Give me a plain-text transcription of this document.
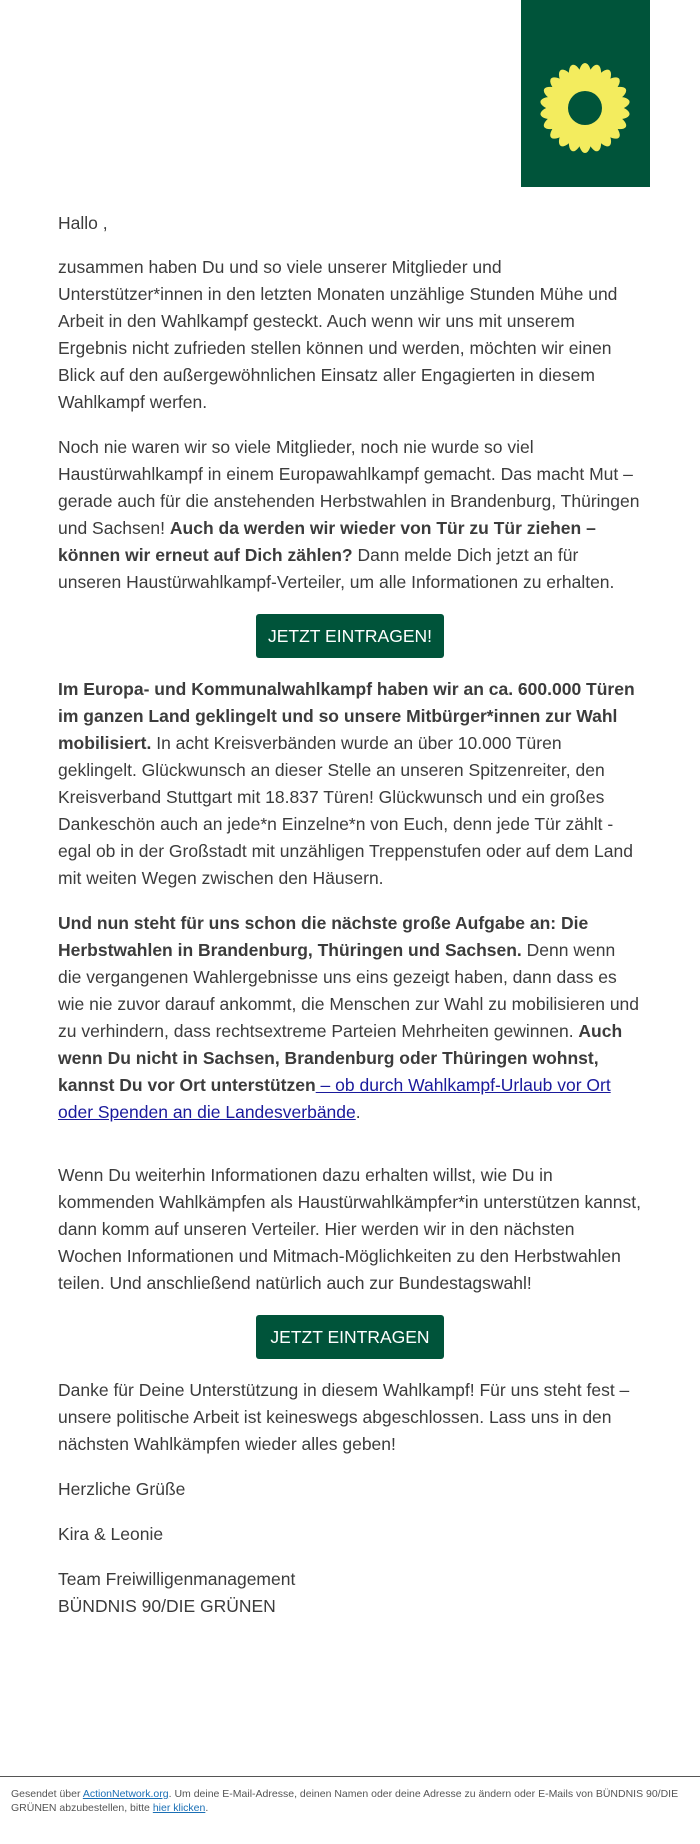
Hallo ,

zusammen haben Du und so viele unserer Mitglieder und Unterstützer*innen in den letzten Monaten unzählige Stunden Mühe und Arbeit in den Wahlkampf gesteckt. Auch wenn wir uns mit unserem Ergebnis nicht zufrieden stellen können und werden, möchten wir einen Blick auf den außergewöhnlichen Einsatz aller Engagierten in diesem Wahlkampf werfen.

Noch nie waren wir so viele Mitglieder, noch nie wurde so viel Haustürwahlkampf in einem Europawahlkampf gemacht. Das macht Mut – gerade auch für die anstehenden Herbstwahlen in Brandenburg, Thüringen und Sachsen! Auch da werden wir wieder von Tür zu Tür ziehen – können wir erneut auf Dich zählen? Dann melde Dich jetzt an für unseren Haustürwahlkampf-Verteiler, um alle Informationen zu erhalten.

JETZT EINTRAGEN!

Im Europa- und Kommunalwahlkampf haben wir an ca. 600.000 Türen im ganzen Land geklingelt und so unsere Mitbürger*innen zur Wahl mobilisiert. In acht Kreisverbänden wurde an über 10.000 Türen geklingelt. Glückwunsch an dieser Stelle an unseren Spitzenreiter, den Kreisverband Stuttgart mit 18.837 Türen! Glückwunsch und ein großes Dankeschön auch an jede*n Einzelne*n von Euch, denn jede Tür zählt - egal ob in der Großstadt mit unzähligen Treppenstufen oder auf dem Land mit weiten Wegen zwischen den Häusern.

Und nun steht für uns schon die nächste große Aufgabe an: Die Herbstwahlen in Brandenburg, Thüringen und Sachsen. Denn wenn die vergangenen Wahlergebnisse uns eins gezeigt haben, dann dass es wie nie zuvor darauf ankommt, die Menschen zur Wahl zu mobilisieren und zu verhindern, dass rechtsextreme Parteien Mehrheiten gewinnen. Auch wenn Du nicht in Sachsen, Brandenburg oder Thüringen wohnst, kannst Du vor Ort unterstützen – ob durch Wahlkampf-Urlaub vor Ort oder Spenden an die Landesverbände.

Wenn Du weiterhin Informationen dazu erhalten willst, wie Du in kommenden Wahlkämpfen als Haustürwahlkämpfer*in unterstützen kannst, dann komm auf unseren Verteiler. Hier werden wir in den nächsten Wochen Informationen und Mitmach-Möglichkeiten zu den Herbstwahlen teilen. Und anschließend natürlich auch zur Bundestagswahl!

JETZT EINTRAGEN

Danke für Deine Unterstützung in diesem Wahlkampf! Für uns steht fest – unsere politische Arbeit ist keineswegs abgeschlossen. Lass uns in den nächsten Wahlkämpfen wieder alles geben!

Herzliche Grüße

Kira & Leonie

Team Freiwilligenmanagement

BÜNDNIS 90/DIE GRÜNEN

Gesendet über ActionNetwork.org. Um deine E-Mail-Adresse, deinen Namen oder deine Adresse zu ändern oder E-Mails von BÜNDNIS 90/DIE GRÜNEN abzubestellen, bitte hier klicken.
